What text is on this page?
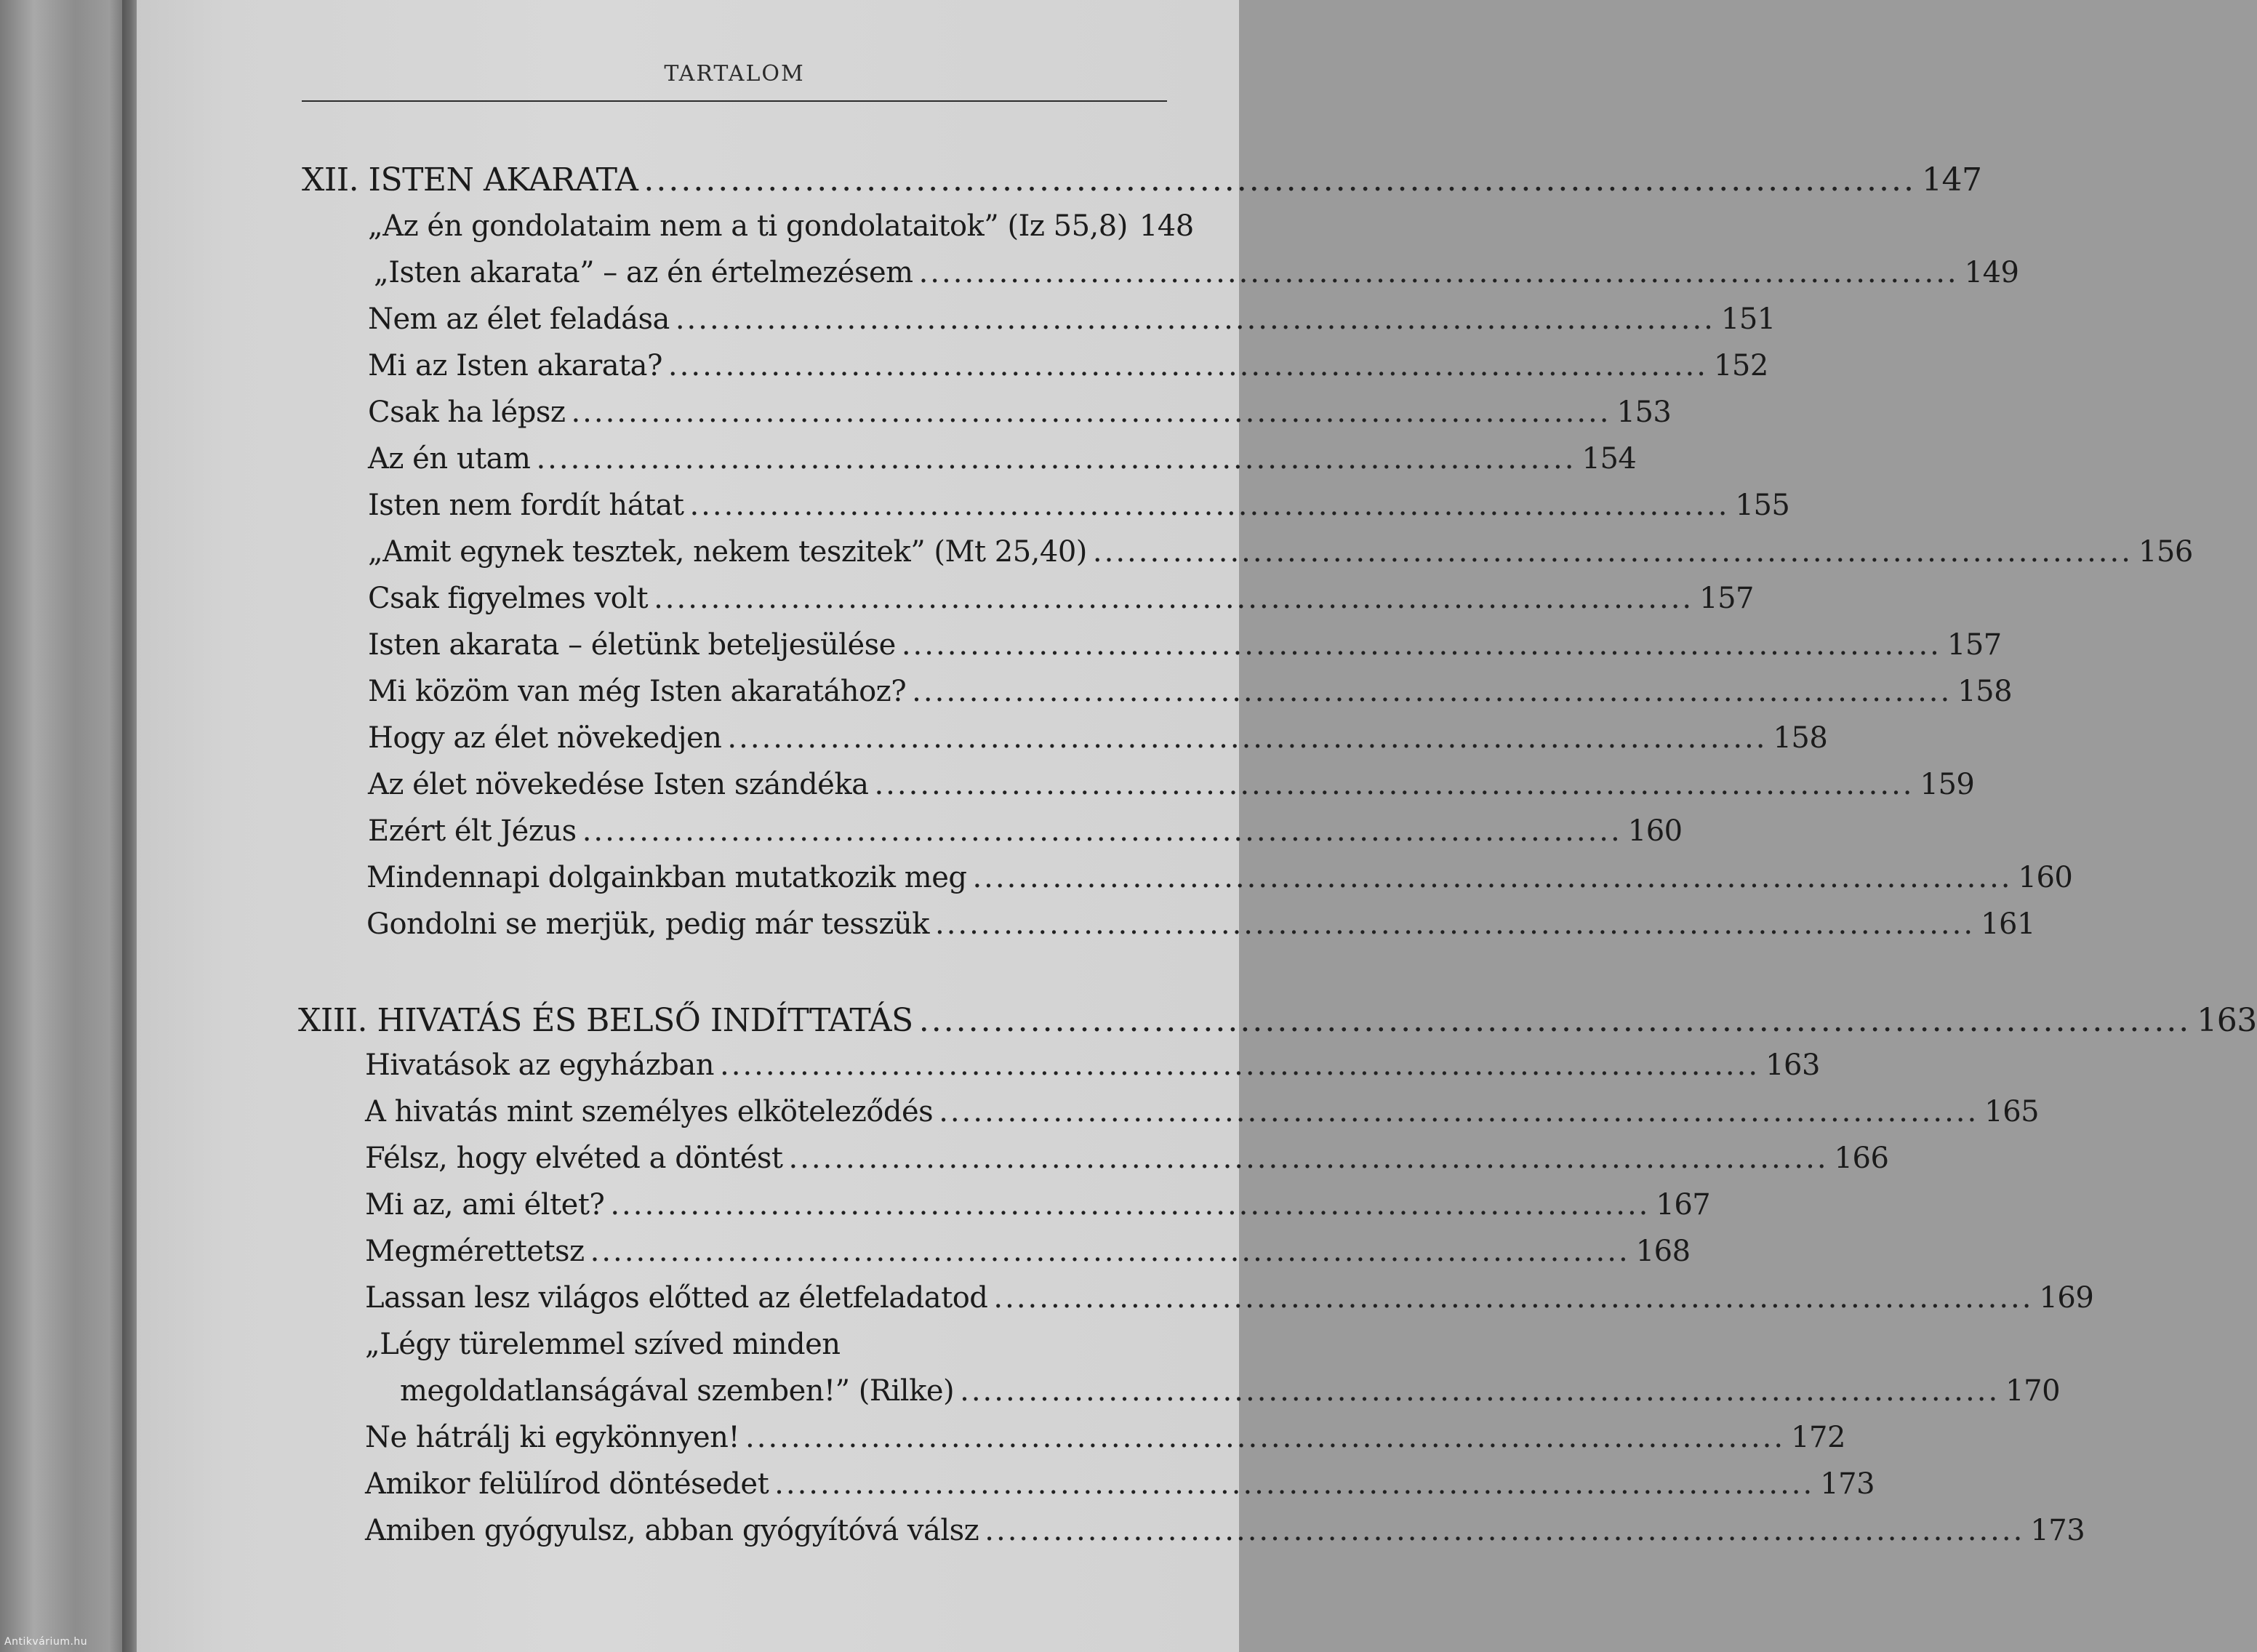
TARTALOM
XII. ISTEN AKARATA ....................................................................................................... 147
„Az én gondolataim nem a ti gondolataitok” (Iz 55,8) 148
„Isten akarata” – az én értelmezésem ........................................................................................... 149
Nem az élet feladása ........................................................................................... 151
Mi az Isten akarata? ........................................................................................... 152
Csak ha lépsz ........................................................................................... 153
Az én utam ........................................................................................... 154
Isten nem fordít hátat ........................................................................................... 155
„Amit egynek tesztek, nekem teszitek” (Mt 25,40) ........................................................................................... 156
Csak figyelmes volt ........................................................................................... 157
Isten akarata – életünk beteljesülése ........................................................................................... 157
Mi közöm van még Isten akaratához? ........................................................................................... 158
Hogy az élet növekedjen ........................................................................................... 158
Az élet növekedése Isten szándéka ........................................................................................... 159
Ezért élt Jézus ........................................................................................... 160
Mindennapi dolgainkban mutatkozik meg ........................................................................................... 160
Gondolni se merjük, pedig már tesszük ........................................................................................... 161
XIII. HIVATÁS ÉS BELSŐ INDÍTTATÁS ....................................................................................................... 163
Hivatások az egyházban ........................................................................................... 163
A hivatás mint személyes elköteleződés ........................................................................................... 165
Félsz, hogy elvéted a döntést ........................................................................................... 166
Mi az, ami éltet? ........................................................................................... 167
Megmérettetsz ........................................................................................... 168
Lassan lesz világos előtted az életfeladatod ........................................................................................... 169
„Légy türelemmel szíved minden
megoldatlanságával szemben!” (Rilke) ........................................................................................... 170
Ne hátrálj ki egykönnyen! ........................................................................................... 172
Amikor felülírod döntésedet ........................................................................................... 173
Amiben gyógyulsz, abban gyógyítóvá válsz ........................................................................................... 173
Antikvárium.hu
